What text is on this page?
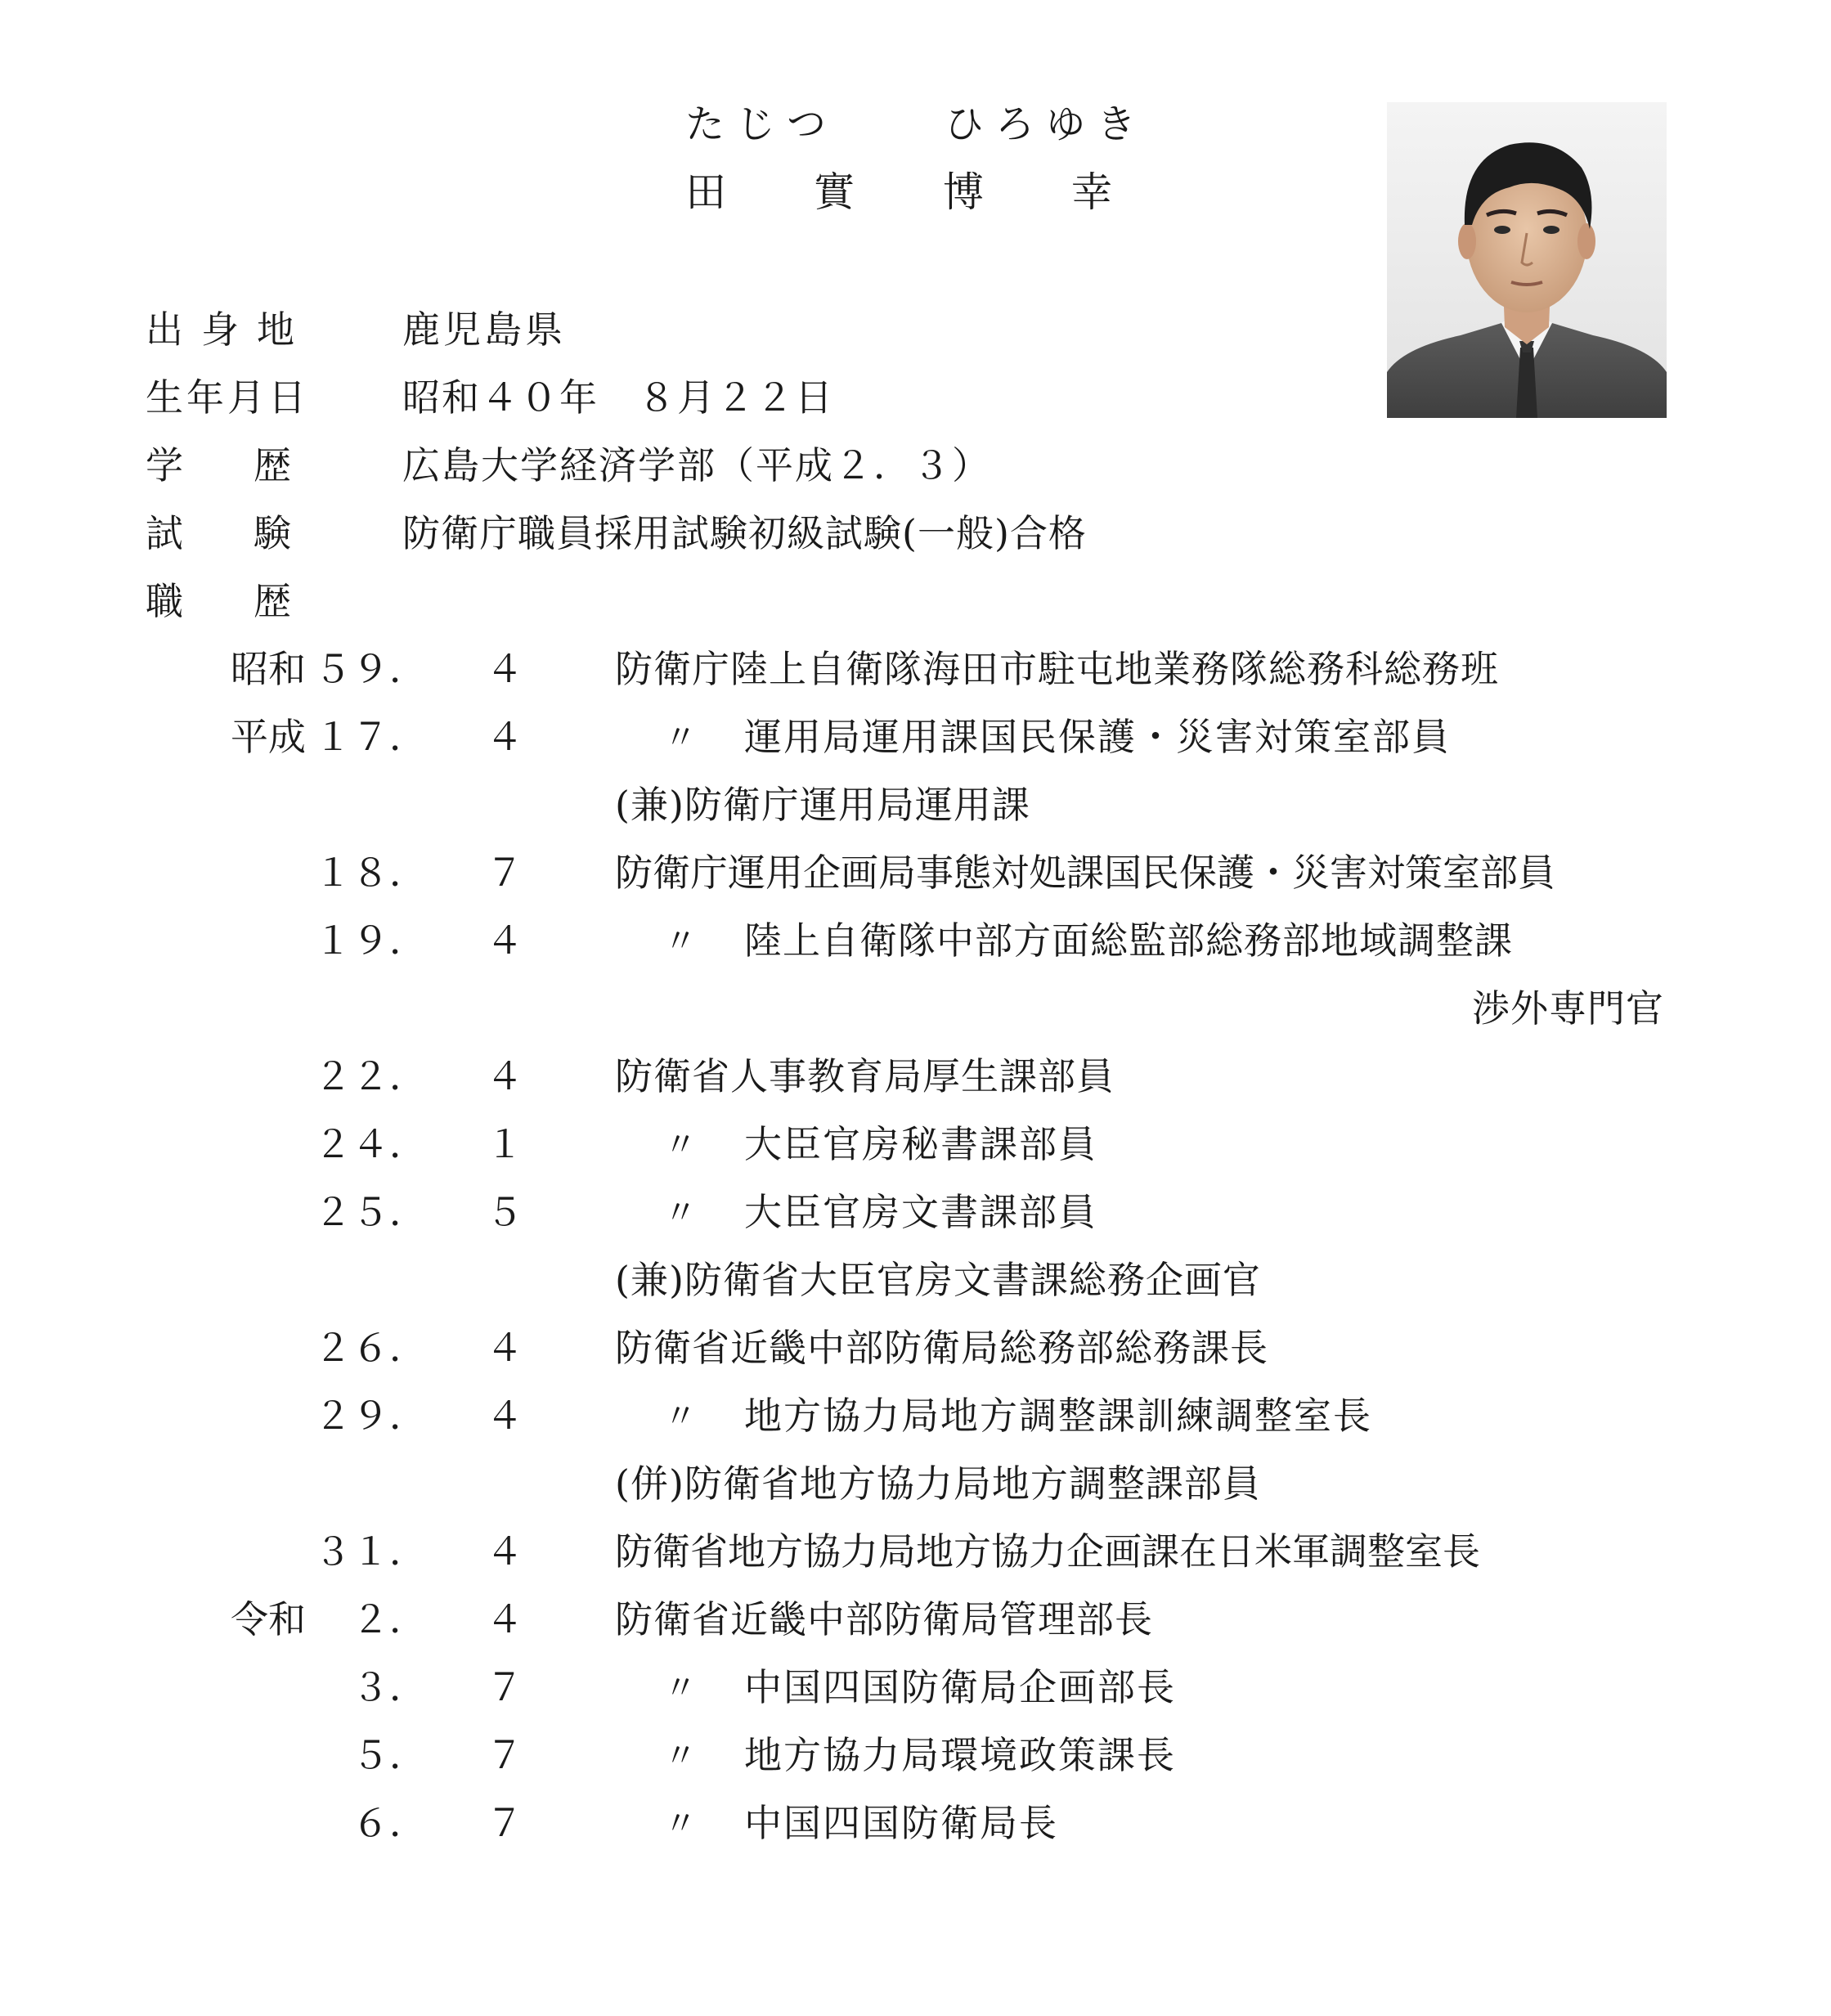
たじつ	ひろゆき
田 實 博 幸
出身地 鹿児島県
生年月日 昭和４０年　８月２２日
学　歴	広島大学経済学部（平成２．３）
試　験	防衛庁職員採用試験初級試験(一般)合格
職　歴
昭和 ５９． ４ 防衛庁陸上自衛隊海田市駐屯地業務隊総務科総務班
平成 １７． ４	〃 運用局運用課国民保護・災害対策室部員
(兼)防衛庁運用局運用課
１８． ７ 防衛庁運用企画局事態対処課国民保護・災害対策室部員
１９． ４	〃 陸上自衛隊中部方面総監部総務部地域調整課
渉外専門官
２２． ４ 防衛省人事教育局厚生課部員
２４． １	〃 大臣官房秘書課部員
２５． ５	〃 大臣官房文書課部員
(兼)防衛省大臣官房文書課総務企画官
２６． ４ 防衛省近畿中部防衛局総務部総務課長
２９． ４	〃 地方協力局地方調整課訓練調整室長
(併)防衛省地方協力局地方調整課部員
３１． ４ 防衛省地方協力局地方協力企画課在日米軍調整室長
令和	２． ４ 防衛省近畿中部防衛局管理部長
３． ７	〃 中国四国防衛局企画部長
５． ７	〃 地方協力局環境政策課長
６． ７	〃 中国四国防衛局長
